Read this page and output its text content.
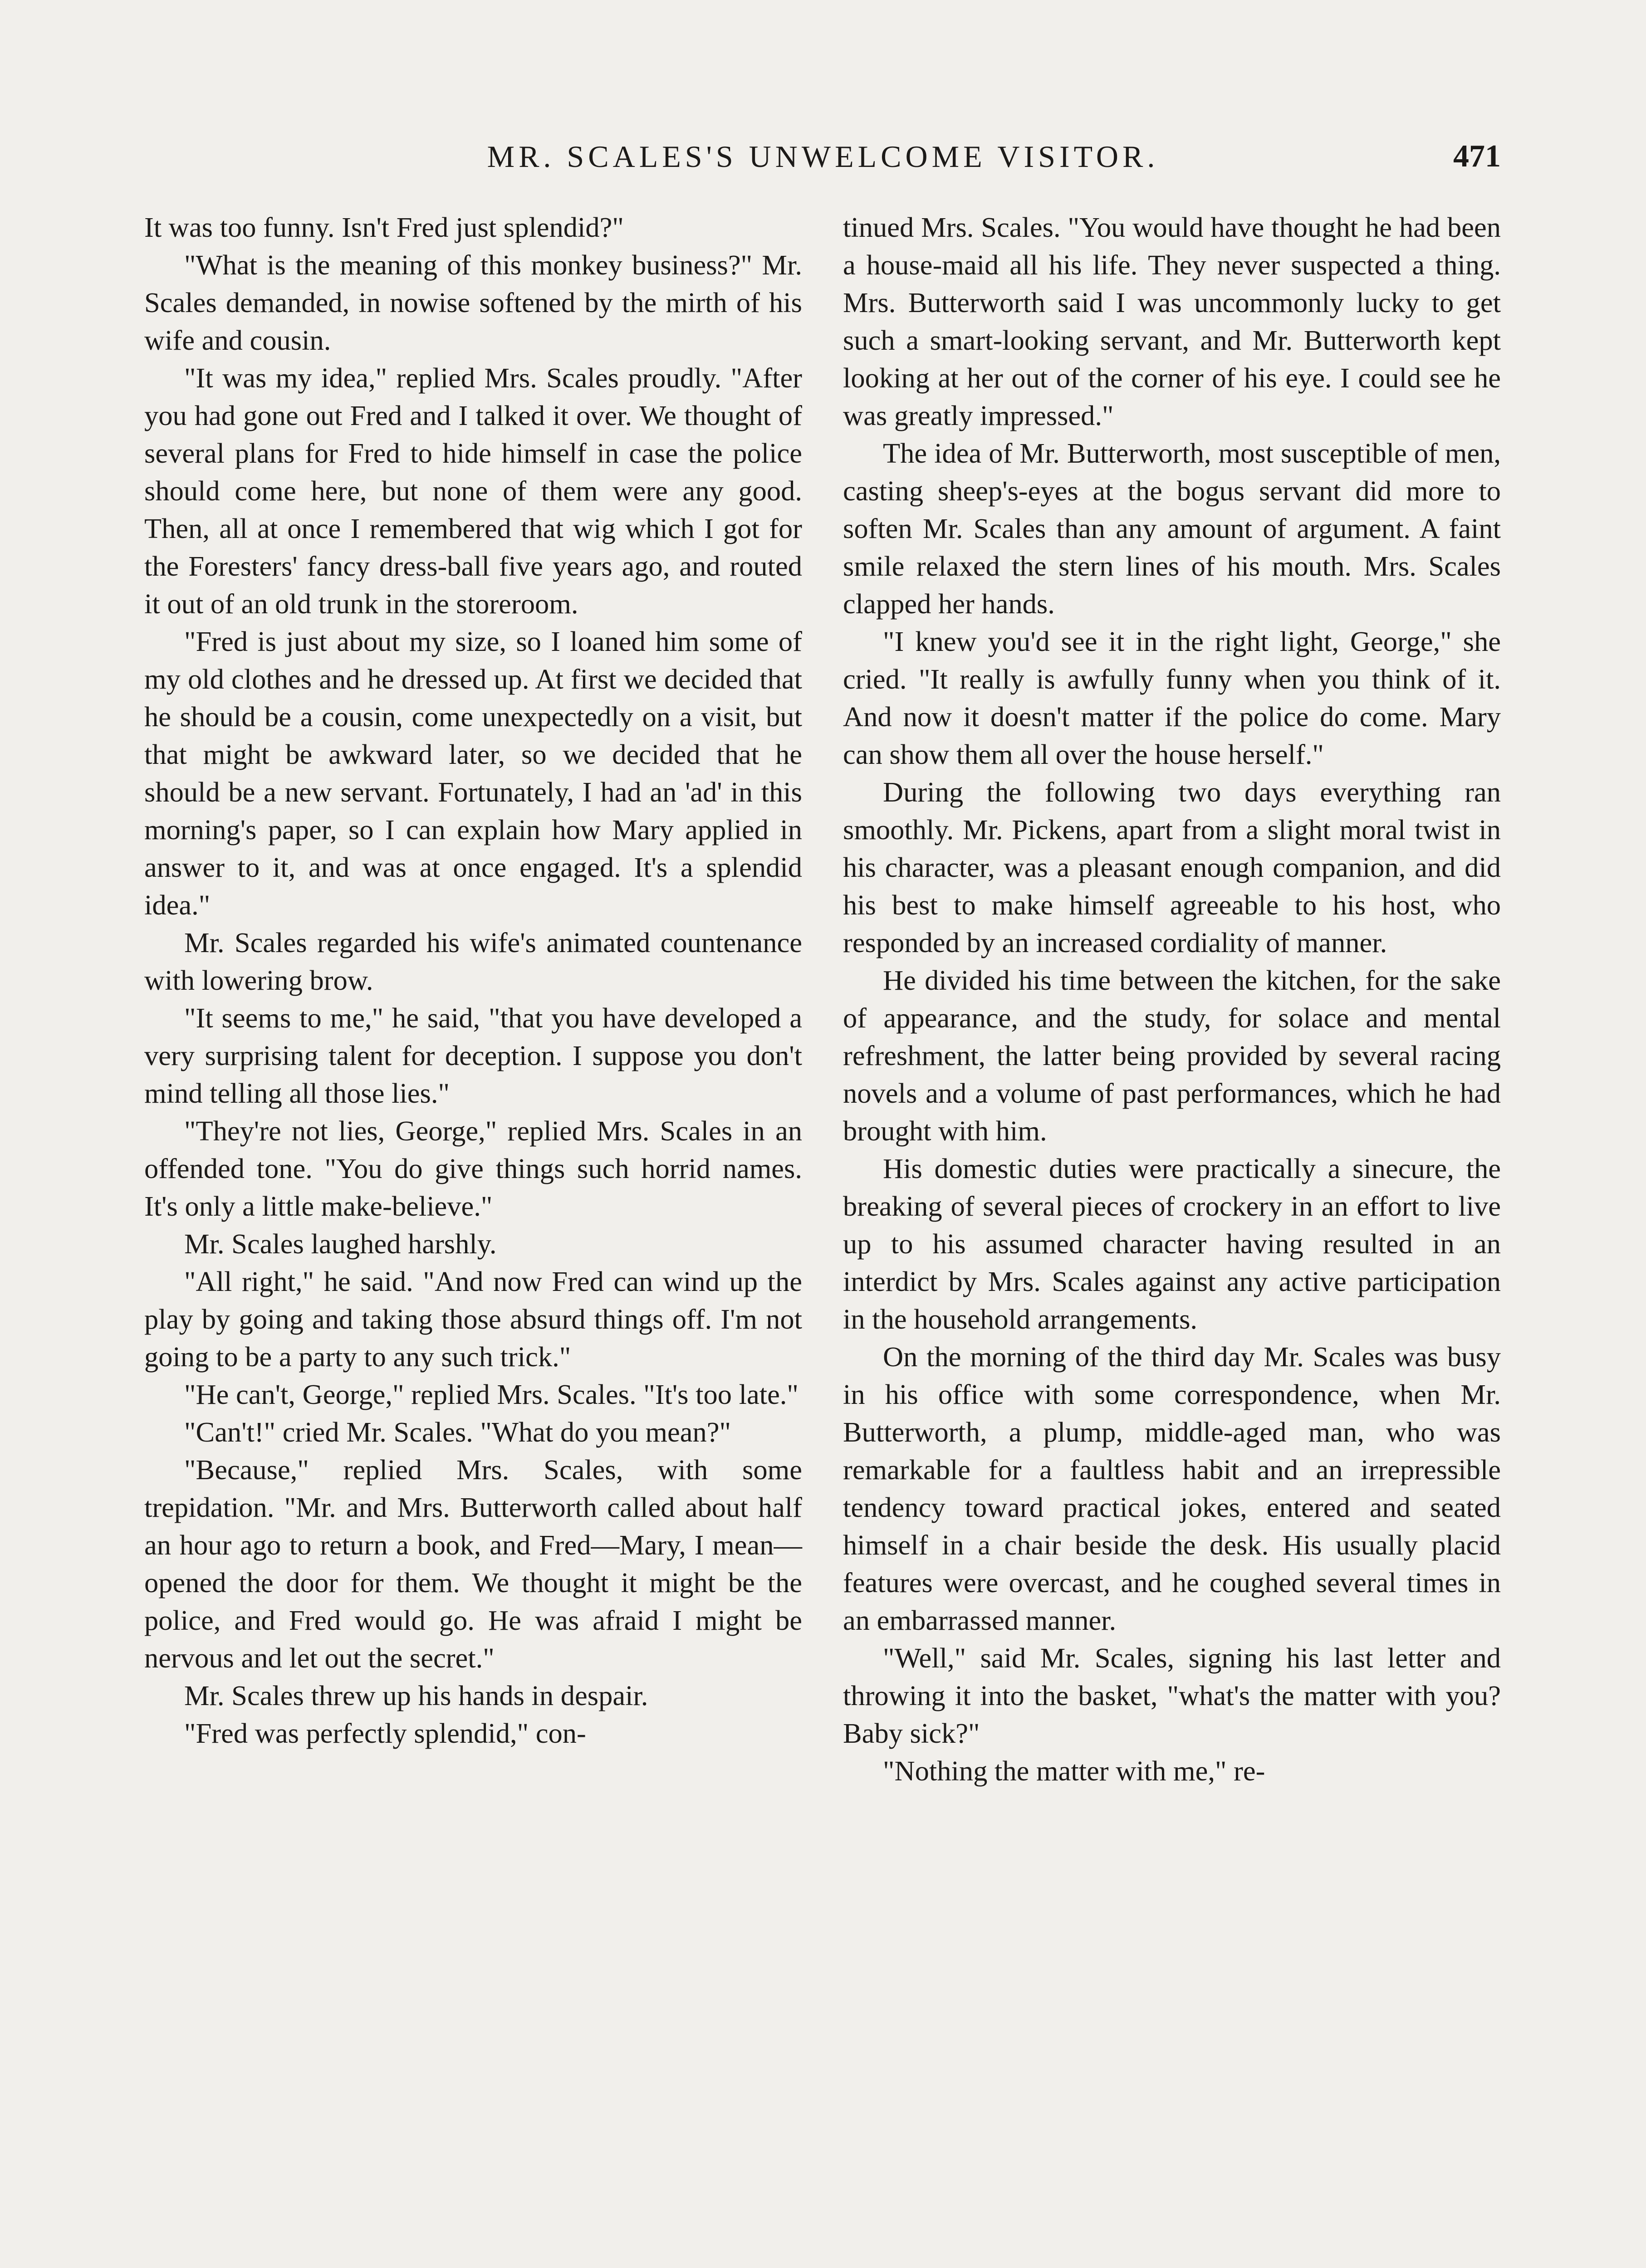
MR. SCALES'S UNWELCOME VISITOR.	471

It was too funny. Isn't Fred just splendid?"

"What is the meaning of this monkey business?" Mr. Scales demanded, in nowise softened by the mirth of his wife and cousin.

"It was my idea," replied Mrs. Scales proudly. "After you had gone out Fred and I talked it over. We thought of several plans for Fred to hide himself in case the police should come here, but none of them were any good. Then, all at once I remembered that wig which I got for the Foresters' fancy dress-ball five years ago, and routed it out of an old trunk in the storeroom.

"Fred is just about my size, so I loaned him some of my old clothes and he dressed up. At first we decided that he should be a cousin, come unexpectedly on a visit, but that might be awkward later, so we decided that he should be a new servant. Fortunately, I had an 'ad' in this morning's paper, so I can explain how Mary applied in answer to it, and was at once engaged. It's a splendid idea."

Mr. Scales regarded his wife's animated countenance with lowering brow.

"It seems to me," he said, "that you have developed a very surprising talent for deception. I suppose you don't mind telling all those lies."

"They're not lies, George," replied Mrs. Scales in an offended tone. "You do give things such horrid names. It's only a little make-believe."

Mr. Scales laughed harshly.

"All right," he said. "And now Fred can wind up the play by going and taking those absurd things off. I'm not going to be a party to any such trick."

"He can't, George," replied Mrs. Scales. "It's too late."

"Can't!" cried Mr. Scales. "What do you mean?"

"Because," replied Mrs. Scales, with some trepidation. "Mr. and Mrs. Butterworth called about half an hour ago to return a book, and Fred—Mary, I mean—opened the door for them. We thought it might be the police, and Fred would go. He was afraid I might be nervous and let out the secret."

Mr. Scales threw up his hands in despair.

"Fred was perfectly splendid," con-

tinued Mrs. Scales. "You would have thought he had been a house-maid all his life. They never suspected a thing. Mrs. Butterworth said I was uncommonly lucky to get such a smart-looking servant, and Mr. Butterworth kept looking at her out of the corner of his eye. I could see he was greatly impressed."

The idea of Mr. Butterworth, most susceptible of men, casting sheep's-eyes at the bogus servant did more to soften Mr. Scales than any amount of argument. A faint smile relaxed the stern lines of his mouth. Mrs. Scales clapped her hands.

"I knew you'd see it in the right light, George," she cried. "It really is awfully funny when you think of it. And now it doesn't matter if the police do come. Mary can show them all over the house herself."

During the following two days everything ran smoothly. Mr. Pickens, apart from a slight moral twist in his character, was a pleasant enough companion, and did his best to make himself agreeable to his host, who responded by an increased cordiality of manner.

He divided his time between the kitchen, for the sake of appearance, and the study, for solace and mental refreshment, the latter being provided by several racing novels and a volume of past performances, which he had brought with him.

His domestic duties were practically a sinecure, the breaking of several pieces of crockery in an effort to live up to his assumed character having resulted in an interdict by Mrs. Scales against any active participation in the household arrangements.

On the morning of the third day Mr. Scales was busy in his office with some correspondence, when Mr. Butterworth, a plump, middle-aged man, who was remarkable for a faultless habit and an irrepressible tendency toward practical jokes, entered and seated himself in a chair beside the desk. His usually placid features were overcast, and he coughed several times in an embarrassed manner.

"Well," said Mr. Scales, signing his last letter and throwing it into the basket, "what's the matter with you? Baby sick?"

"Nothing the matter with me," re-
